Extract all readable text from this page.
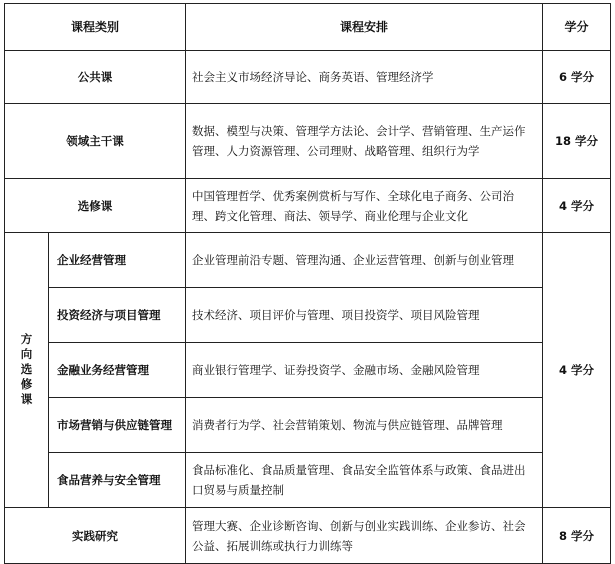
课程类别		课程安排	学分
公共课		社会主义市场经济导论、商务英语、管理经济学	6 学分
领域主干课		数据、模型与决策、管理学方法论、会计学、营销管理、生产运作管理、人力资源管理、公司理财、战略管理、组织行为学	18 学分
选修课		中国管理哲学、优秀案例赏析与写作、全球化电子商务、公司治理、跨文化管理、商法、领导学、商业伦理与企业文化	4 学分
方向选修课	企业经营管理	企业管理前沿专题、管理沟通、企业运营管理、创新与创业管理	4 学分
	投资经济与项目管理	技术经济、项目评价与管理、项目投资学、项目风险管理	
	金融业务经营管理	商业银行管理学、证券投资学、金融市场、金融风险管理	
	市场营销与供应链管理	消费者行为学、社会营销策划、物流与供应链管理、品牌管理	
	食品营养与安全管理	食品标准化、食品质量管理、食品安全监管体系与政策、食品进出口贸易与质量控制	
实践研究		管理大赛、企业诊断咨询、创新与创业实践训练、企业参访、社会公益、拓展训练或执行力训练等	8 学分
